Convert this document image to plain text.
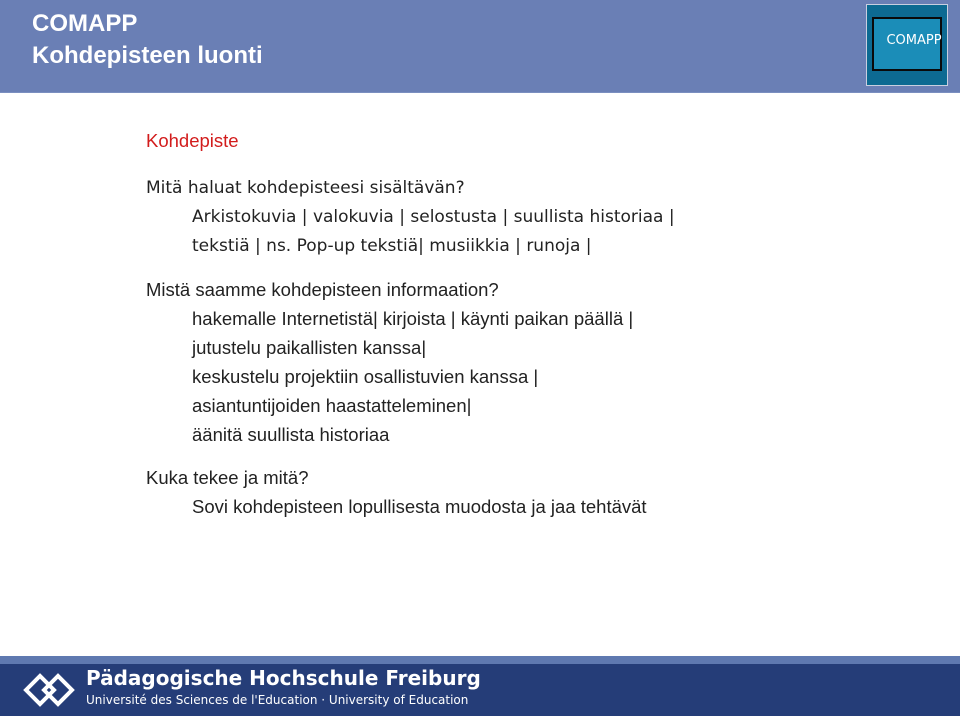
COMAPP
Kohdepisteen luonti
COMAPP
Kohdepiste
Mitä haluat kohdepisteesi sisältävän?
Arkistokuvia | valokuvia | selostusta | suullista historiaa |
tekstiä | ns. Pop-up tekstiä| musiikkia | runoja |
Mistä saamme kohdepisteen informaation?
hakemalle Internetistä| kirjoista | käynti paikan päällä |
jutustelu paikallisten kanssa|
keskustelu projektiin osallistuvien kanssa |
asiantuntijoiden haastatteleminen|
äänitä suullista historiaa
Kuka tekee ja mitä?
Sovi kohdepisteen lopullisesta muodosta ja jaa tehtävät
Pädagogische Hochschule Freiburg
Université des Sciences de l'Education · University of Education
